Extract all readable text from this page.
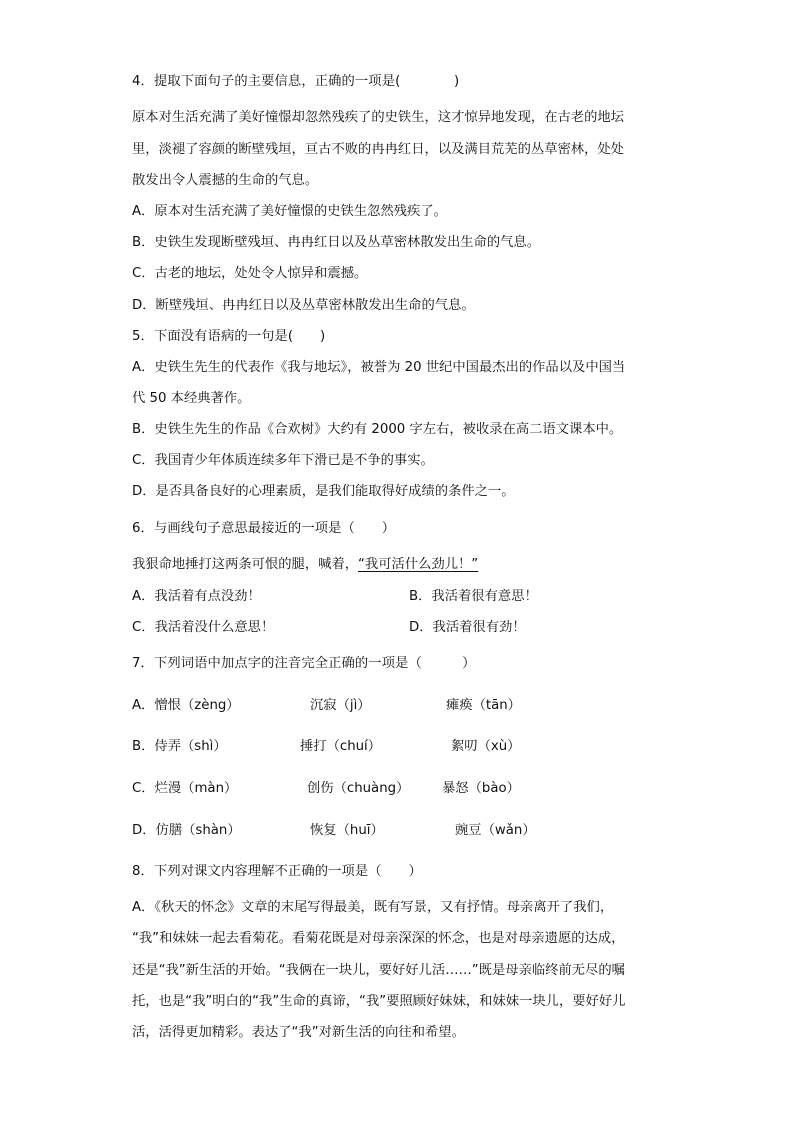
4．提取下面句子的主要信息，正确的一项是(　　　　)
原本对生活充满了美好憧憬却忽然残疾了的史铁生，这才惊异地发现，在古老的地坛
里，淡褪了容颜的断壁残垣，亘古不败的冉冉红日，以及满目荒芜的丛草密林，处处
散发出令人震撼的生命的气息。
A．原本对生活充满了美好憧憬的史铁生忽然残疾了。
B．史铁生发现断壁残垣、冉冉红日以及丛草密林散发出生命的气息。
C．古老的地坛，处处令人惊异和震撼。
D．断壁残垣、冉冉红日以及丛草密林散发出生命的气息。
5．下面没有语病的一句是(　　)
A．史铁生先生的代表作《我与地坛》，被誉为 20 世纪中国最杰出的作品以及中国当
代 50 本经典著作。
B．史铁生先生的作品《合欢树》大约有 2000 字左右，被收录在高二语文课本中。
C．我国青少年体质连续多年下滑已是不争的事实。
D．是否具备良好的心理素质，是我们能取得好成绩的条件之一。
6．与画线句子意思最接近的一项是（　　）
我狠命地捶打这两条可恨的腿，喊着，“我可活什么劲儿！”
A．我活着有点没劲！	B．我活着很有意思！
C．我活着没什么意思！	D．我活着很有劲！
7．下列词语中加点字的注音完全正确的一项是（　　　）
A．憎恨（zèng）	沉寂（jì）	瘫痪（tān）
B．侍弄（shì）	捶打（chuí）	絮叨（xù）
C．烂漫（màn）	创伤（chuàng） 暴怒（bào）
D．仿膳（shàn）	恢复（huī）	豌豆（wǎn）
8．下列对课文内容理解不正确的一项是（　　）
A．《秋天的怀念》文章的末尾写得最美，既有写景，又有抒情。母亲离开了我们，
“我”和妹妹一起去看菊花。看菊花既是对母亲深深的怀念，也是对母亲遗愿的达成，
还是“我”新生活的开始。“我俩在一块儿，要好好儿活……”既是母亲临终前无尽的嘱
托，也是“我”明白的“我”生命的真谛，“我”要照顾好妹妹，和妹妹一块儿，要好好儿
活，活得更加精彩。表达了“我”对新生活的向往和希望。
